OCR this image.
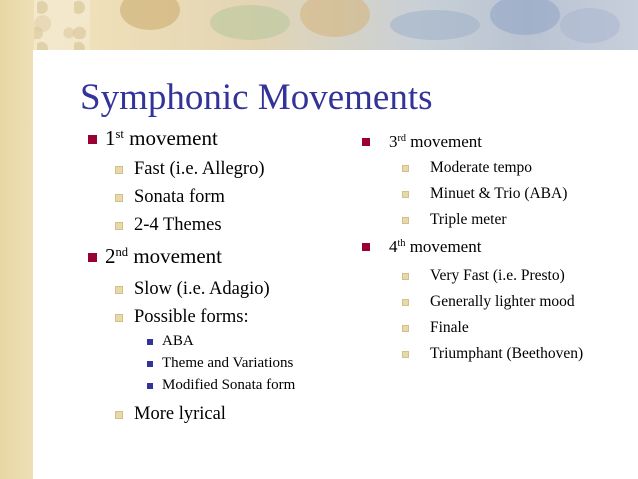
Symphonic Movements
1st movement
Fast (i.e. Allegro)
Sonata form
2-4 Themes
2nd movement
Slow (i.e. Adagio)
Possible forms:
ABA
Theme and Variations
Modified Sonata form
More lyrical
3rd movement
Moderate tempo
Minuet & Trio (ABA)
Triple meter
4th movement
Very Fast (i.e. Presto)
Generally lighter mood
Finale
Triumphant (Beethoven)
